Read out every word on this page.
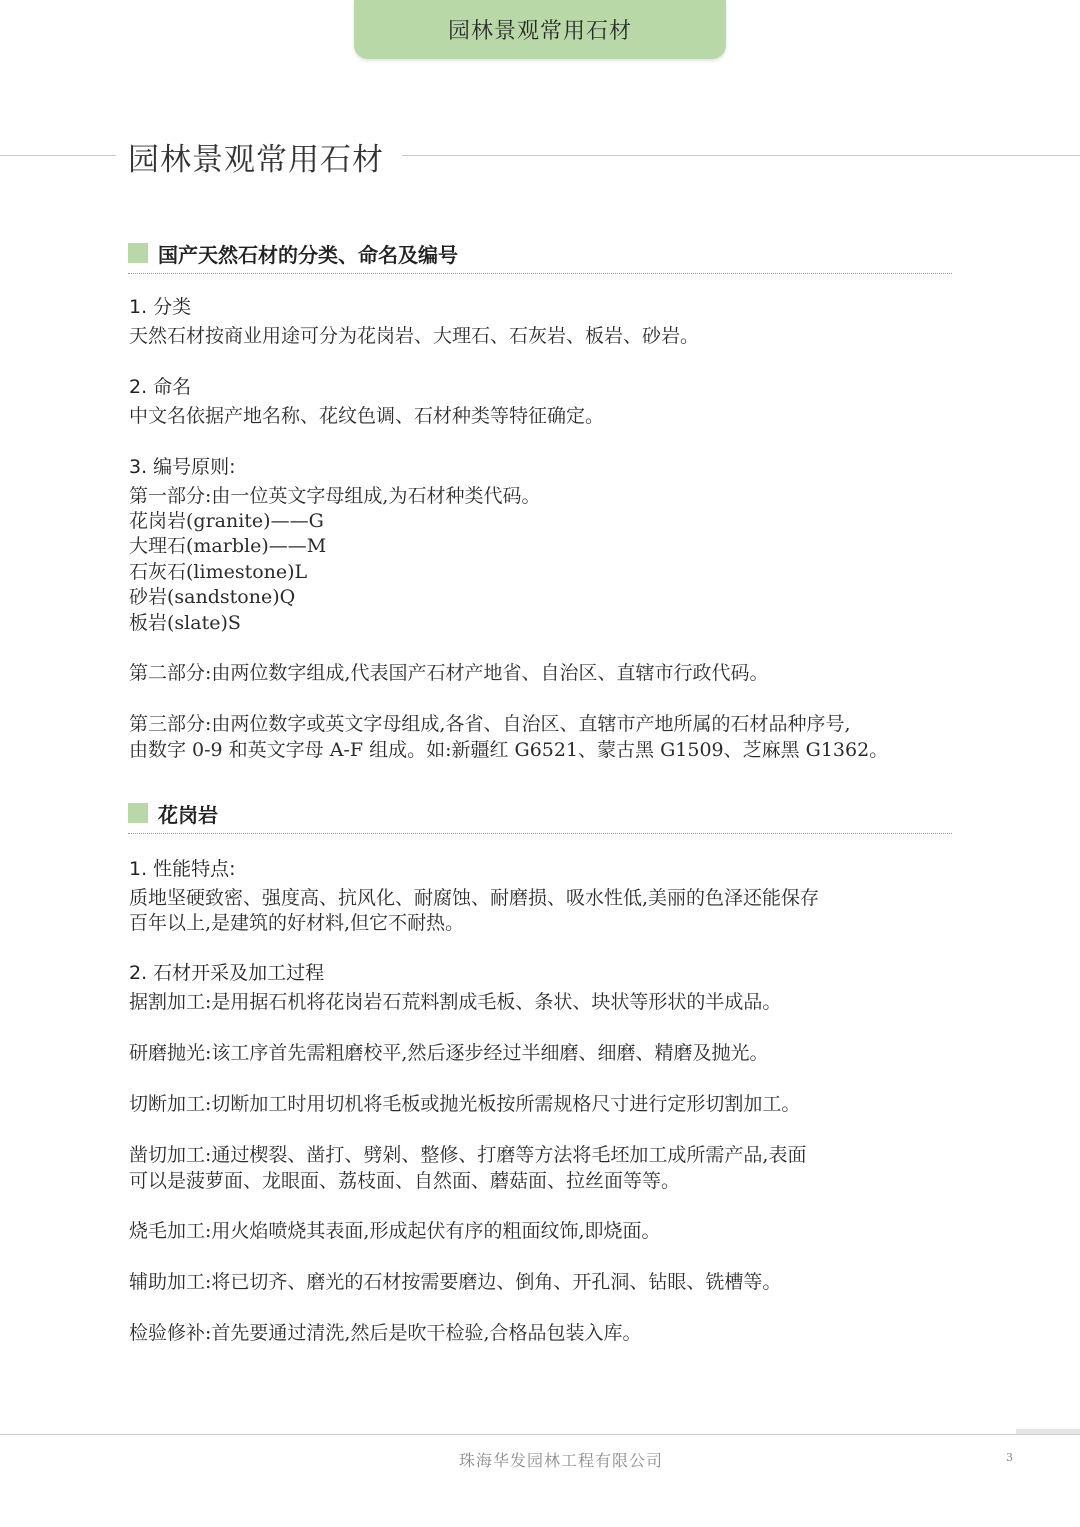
园林景观常用石材
园林景观常用石材
国产天然石材的分类、命名及编号
1. 分类
天然石材按商业用途可分为花岗岩、大理石、石灰岩、板岩、砂岩。
2. 命名
中文名依据产地名称、花纹色调、石材种类等特征确定。
3. 编号原则:
第一部分:由一位英文字母组成,为石材种类代码。
花岗岩(granite)——G
大理石(marble)——M
石灰石(limestone)L
砂岩(sandstone)Q
板岩(slate)S
第二部分:由两位数字组成,代表国产石材产地省、自治区、直辖市行政代码。
第三部分:由两位数字或英文字母组成,各省、自治区、直辖市产地所属的石材品种序号,
由数字 0-9 和英文字母 A-F 组成。如:新疆红 G6521、蒙古黑 G1509、芝麻黑 G1362。
花岗岩
1. 性能特点:
质地坚硬致密、强度高、抗风化、耐腐蚀、耐磨损、吸水性低,美丽的色泽还能保存
百年以上,是建筑的好材料,但它不耐热。
2. 石材开采及加工过程
据割加工:是用据石机将花岗岩石荒料割成毛板、条状、块状等形状的半成品。
研磨抛光:该工序首先需粗磨校平,然后逐步经过半细磨、细磨、精磨及抛光。
切断加工:切断加工时用切机将毛板或抛光板按所需规格尺寸进行定形切割加工。
凿切加工:通过楔裂、凿打、劈剁、整修、打磨等方法将毛坯加工成所需产品,表面
可以是菠萝面、龙眼面、荔枝面、自然面、蘑菇面、拉丝面等等。
烧毛加工:用火焰喷烧其表面,形成起伏有序的粗面纹饰,即烧面。
辅助加工:将已切齐、磨光的石材按需要磨边、倒角、开孔洞、钻眼、铣槽等。
检验修补:首先要通过清洗,然后是吹干检验,合格品包装入库。
珠海华发园林工程有限公司	3
